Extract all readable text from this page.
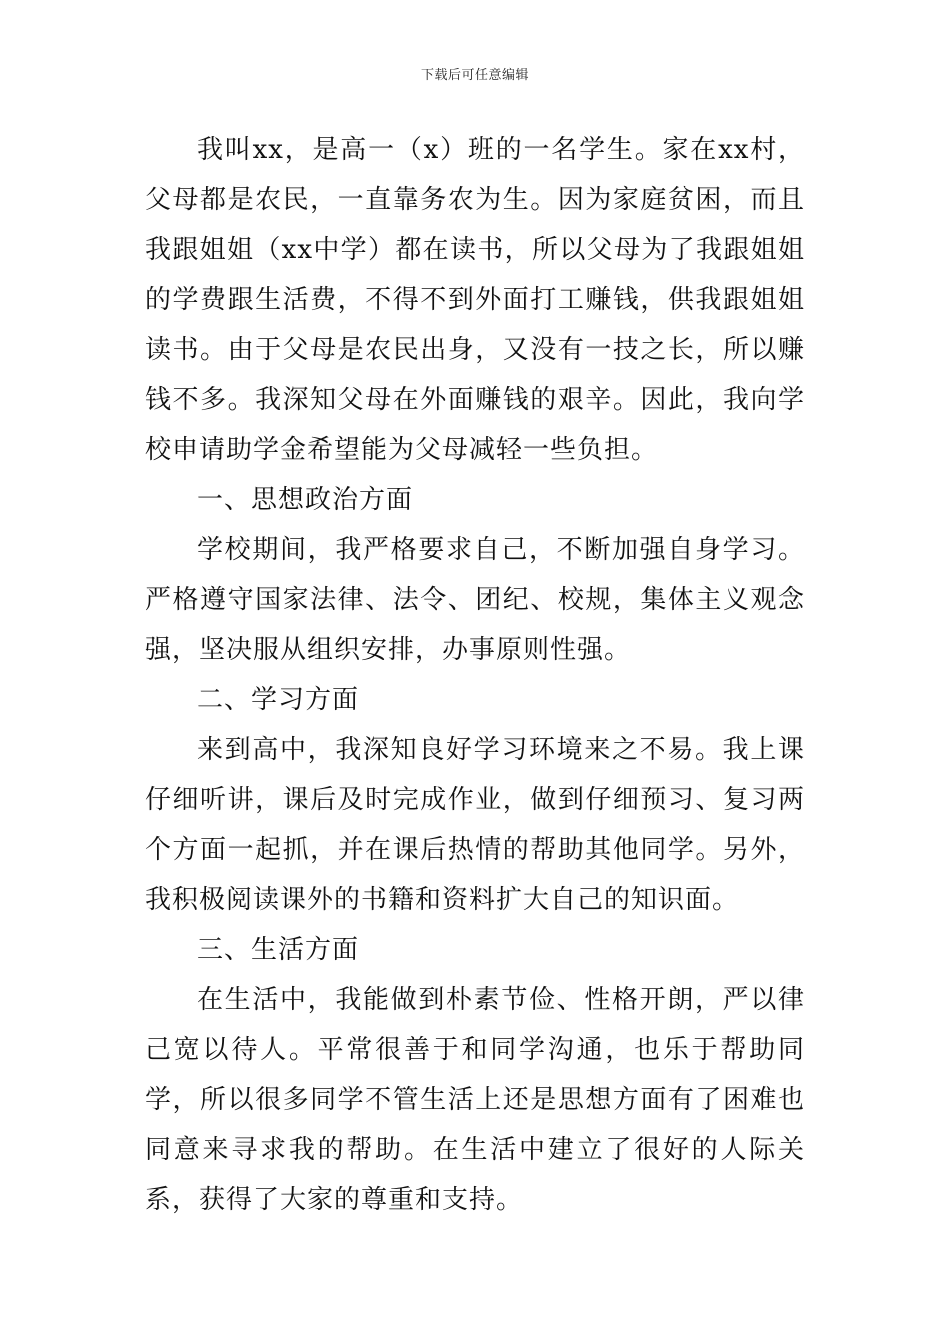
下载后可任意编辑

我叫xx，是高一（x）班的一名学生。家在xx村，父母都是农民，一直靠务农为生。因为家庭贫困，而且我跟姐姐（xx中学）都在读书，所以父母为了我跟姐姐的学费跟生活费，不得不到外面打工赚钱，供我跟姐姐读书。由于父母是农民出身，又没有一技之长，所以赚钱不多。我深知父母在外面赚钱的艰辛。因此，我向学校申请助学金希望能为父母减轻一些负担。

一、思想政治方面

学校期间，我严格要求自己，不断加强自身学习。严格遵守国家法律、法令、团纪、校规，集体主义观念强，坚决服从组织安排，办事原则性强。

二、学习方面

来到高中，我深知良好学习环境来之不易。我上课仔细听讲，课后及时完成作业，做到仔细预习、复习两个方面一起抓，并在课后热情的帮助其他同学。另外，我积极阅读课外的书籍和资料扩大自己的知识面。

三、生活方面

在生活中，我能做到朴素节俭、性格开朗，严以律己宽以待人。平常很善于和同学沟通，也乐于帮助同学，所以很多同学不管生活上还是思想方面有了困难也同意来寻求我的帮助。在生活中建立了很好的人际关系，获得了大家的尊重和支持。
